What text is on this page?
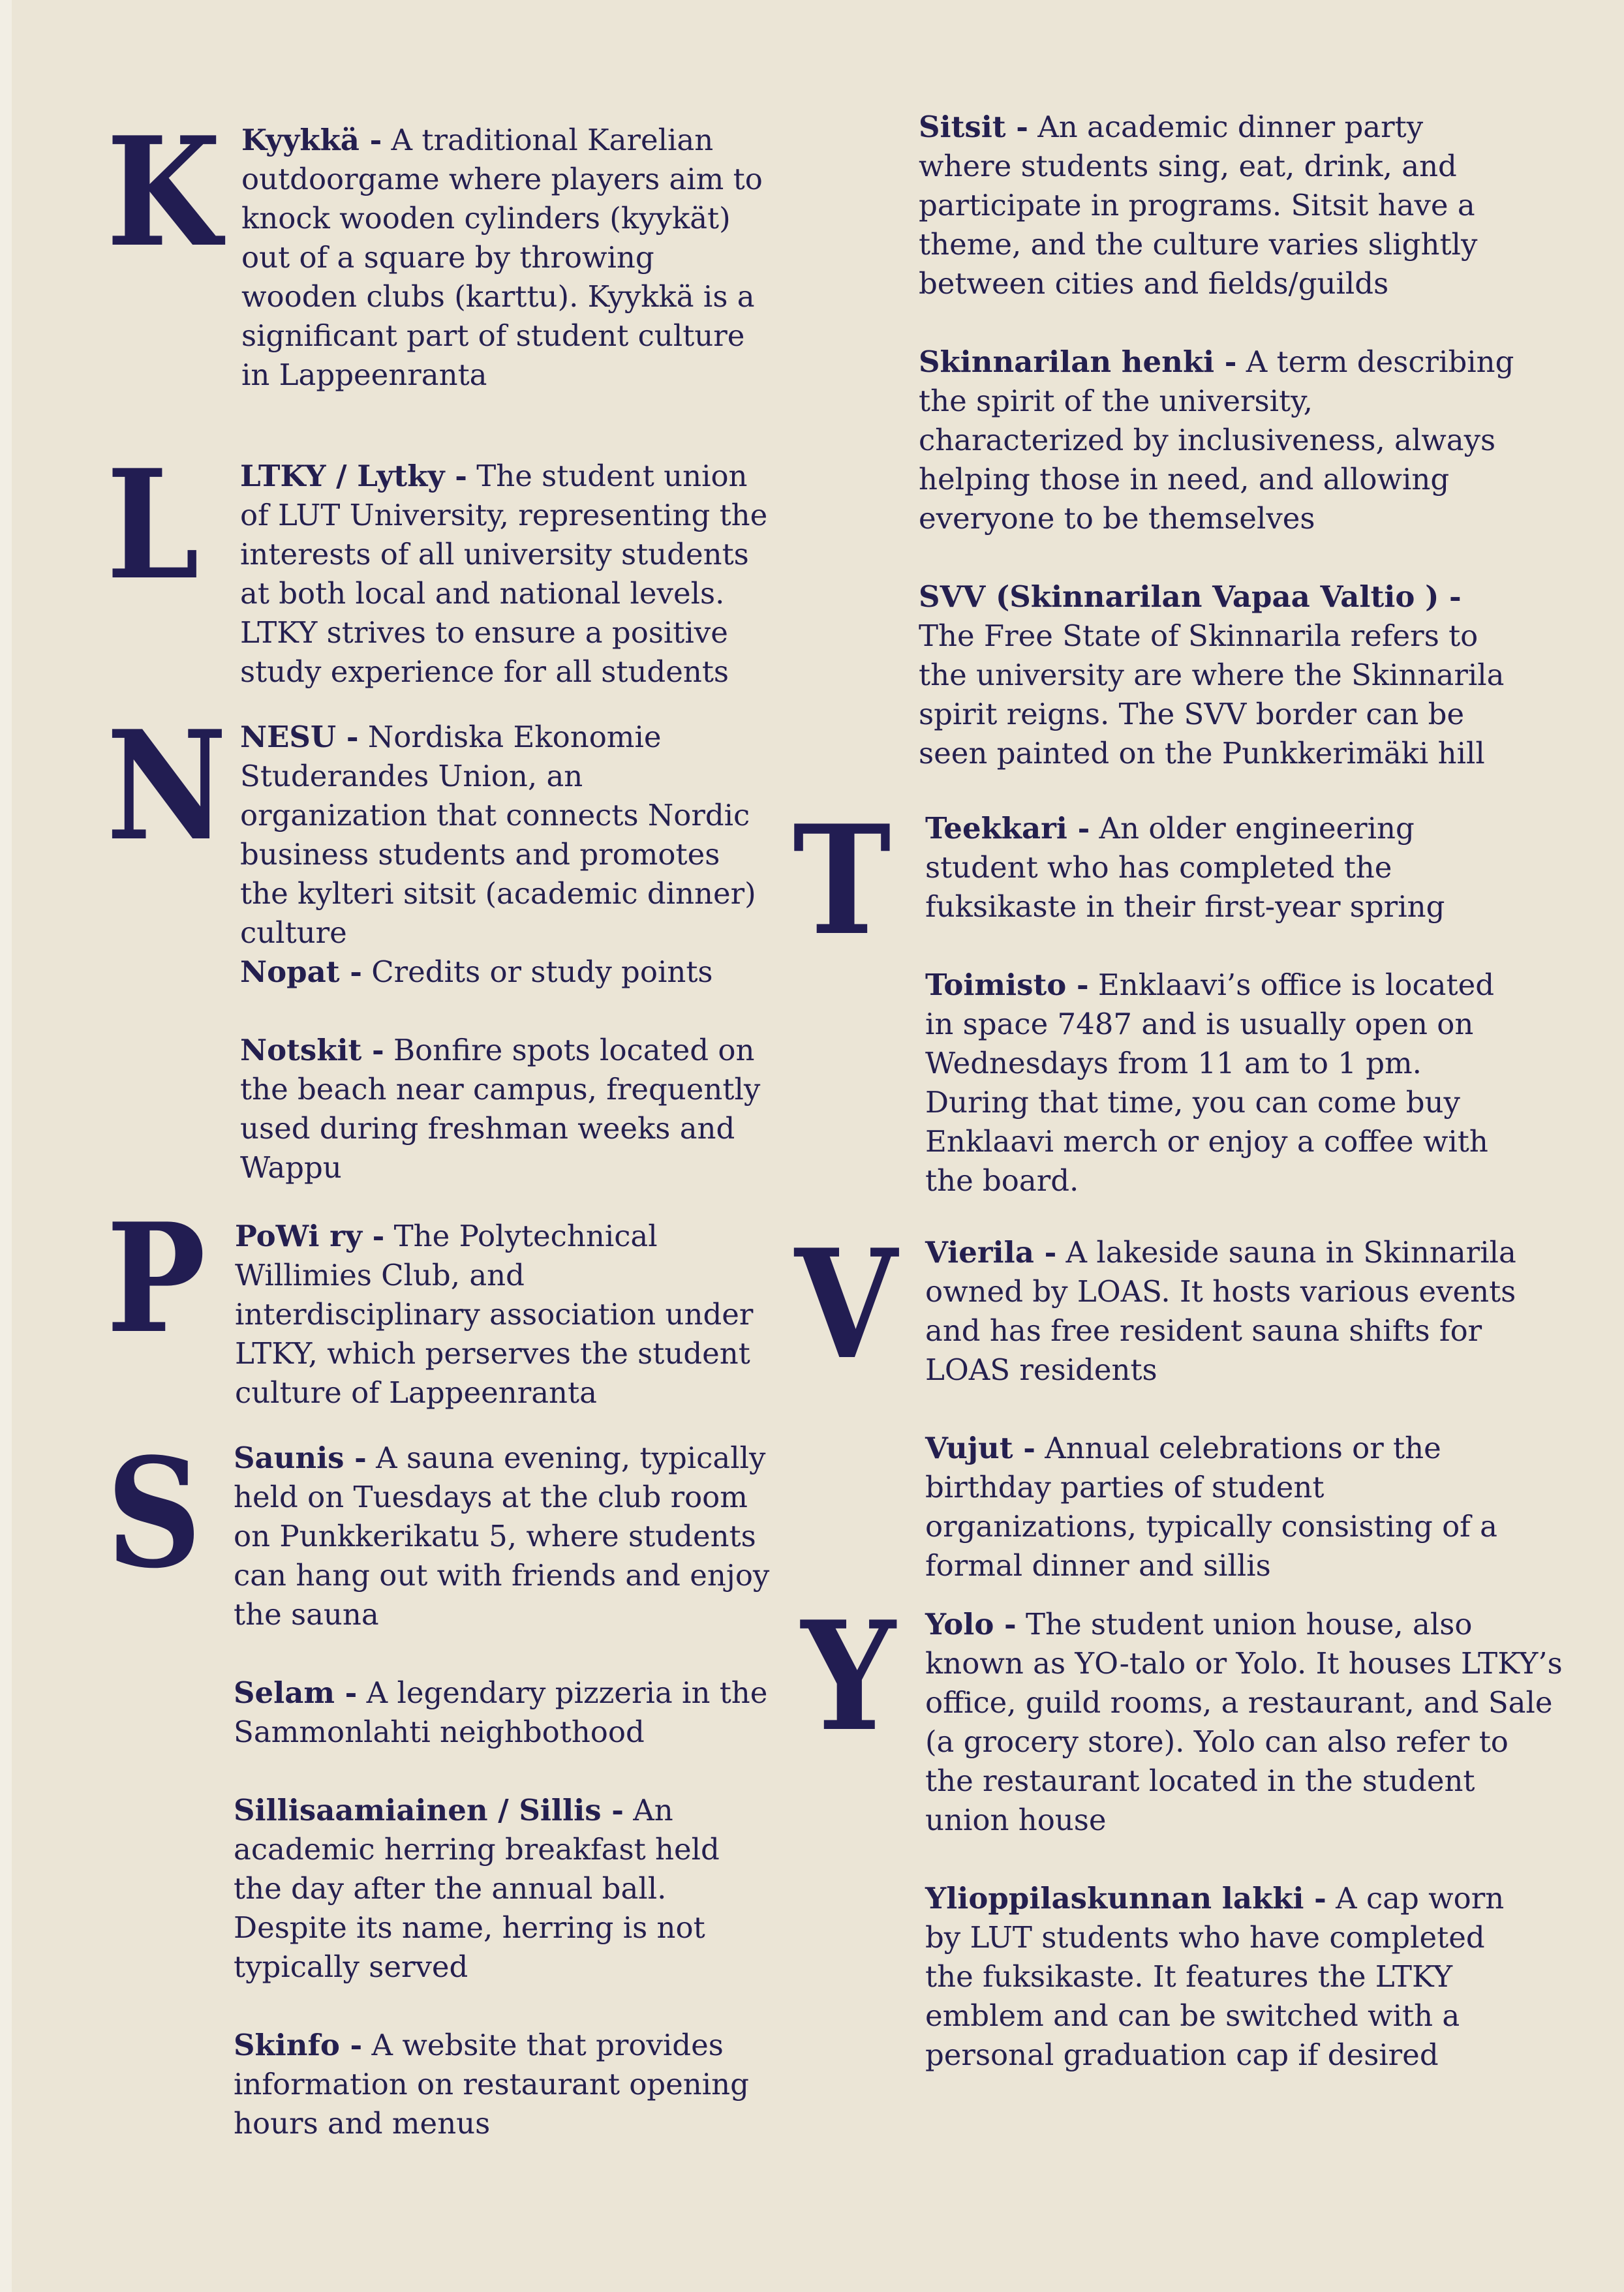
K
L
N
P
S
T
V
Y
Kyykkä - A traditional Karelian outdoorgame where players aim to knock wooden cylinders (kyykät) out of a square by throwing wooden clubs (karttu). Kyykkä is a significant part of student culture in Lappeenranta
LTKY / Lytky - The student union of LUT University, representing the interests of all university students at both local and national levels. LTKY strives to ensure a positive study experience for all students
NESU - Nordiska Ekonomie Studerandes Union, an organization that connects Nordic business students and promotes the kylteri sitsit (academic dinner) culture
Nopat - Credits or study points
Notskit - Bonfire spots located on the beach near campus, frequently used during freshman weeks and Wappu
PoWi ry - The Polytechnical Willimies Club, and interdisciplinary association under LTKY, which perserves the student culture of Lappeenranta
Saunis - A sauna evening, typically held on Tuesdays at the club room on Punkkerikatu 5, where students can hang out with friends and enjoy the sauna
Selam - A legendary pizzeria in the Sammonlahti neighbothood
Sillisaamiainen / Sillis - An academic herring breakfast held the day after the annual ball. Despite its name, herring is not typically served
Skinfo - A website that provides information on restaurant opening hours and menus
Sitsit - An academic dinner party where students sing, eat, drink, and participate in programs. Sitsit have a theme, and the culture varies slightly between cities and fields/guilds
Skinnarilan henki - A term describing the spirit of the university, characterized by inclusiveness, always helping those in need, and allowing everyone to be themselves
SVV (Skinnarilan Vapaa Valtio ) - The Free State of Skinnarila refers to the university are where the Skinnarila spirit reigns. The SVV border can be seen painted on the Punkkerimäki hill
Teekkari - An older engineering student who has completed the fuksikaste in their first-year spring
Toimisto - Enklaavi’s office is located in space 7487 and is usually open on Wednesdays from 11 am to 1 pm. During that time, you can come buy Enklaavi merch or enjoy a coffee with the board.
Vierila - A lakeside sauna in Skinnarila owned by LOAS. It hosts various events and has free resident sauna shifts for LOAS residents
Vujut - Annual celebrations or the birthday parties of student organizations, typically consisting of a formal dinner and sillis
Yolo - The student union house, also known as YO-talo or Yolo. It houses LTKY’s office, guild rooms, a restaurant, and Sale (a grocery store). Yolo can also refer to the restaurant located in the student union house
Ylioppilaskunnan lakki - A cap worn by LUT students who have completed the fuksikaste. It features the LTKY emblem and can be switched with a personal graduation cap if desired
